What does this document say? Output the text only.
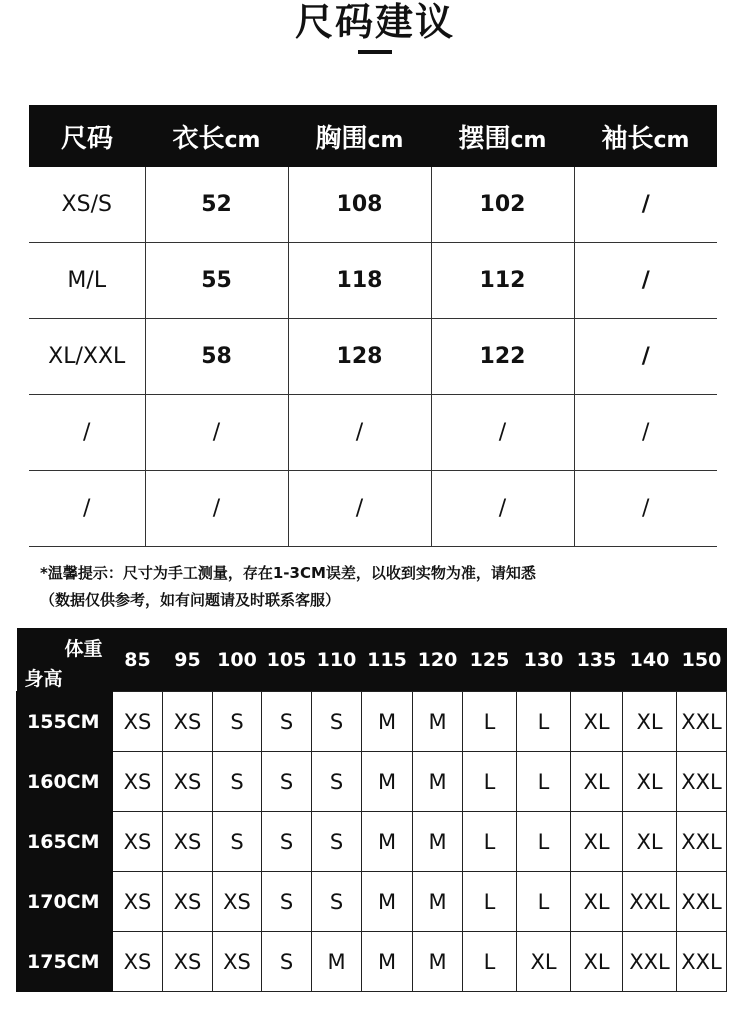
尺码建议
尺码	衣长cm	胸围cm	摆围cm	袖长cm
XS/S	52	108	102	/
M/L	55	118	112	/
XL/XXL	58	128	122	/
/	/	/	/	/
/	/	/	/	/
*温馨提示：尺寸为手工测量，存在1-3CM误差，以收到实物为准，请知悉
（数据仅供参考，如有问题请及时联系客服）
体重
身高	85	95	100	105	110	115	120	125	130	135	140	150
155CM	XS	XS	S	S	S	M	M	L	L	XL	XL	XXL
160CM	XS	XS	S	S	S	M	M	L	L	XL	XL	XXL
165CM	XS	XS	S	S	S	M	M	L	L	XL	XL	XXL
170CM	XS	XS	XS	S	S	M	M	L	L	XL	XXL	XXL
175CM	XS	XS	XS	S	M	M	M	L	XL	XL	XXL	XXL
